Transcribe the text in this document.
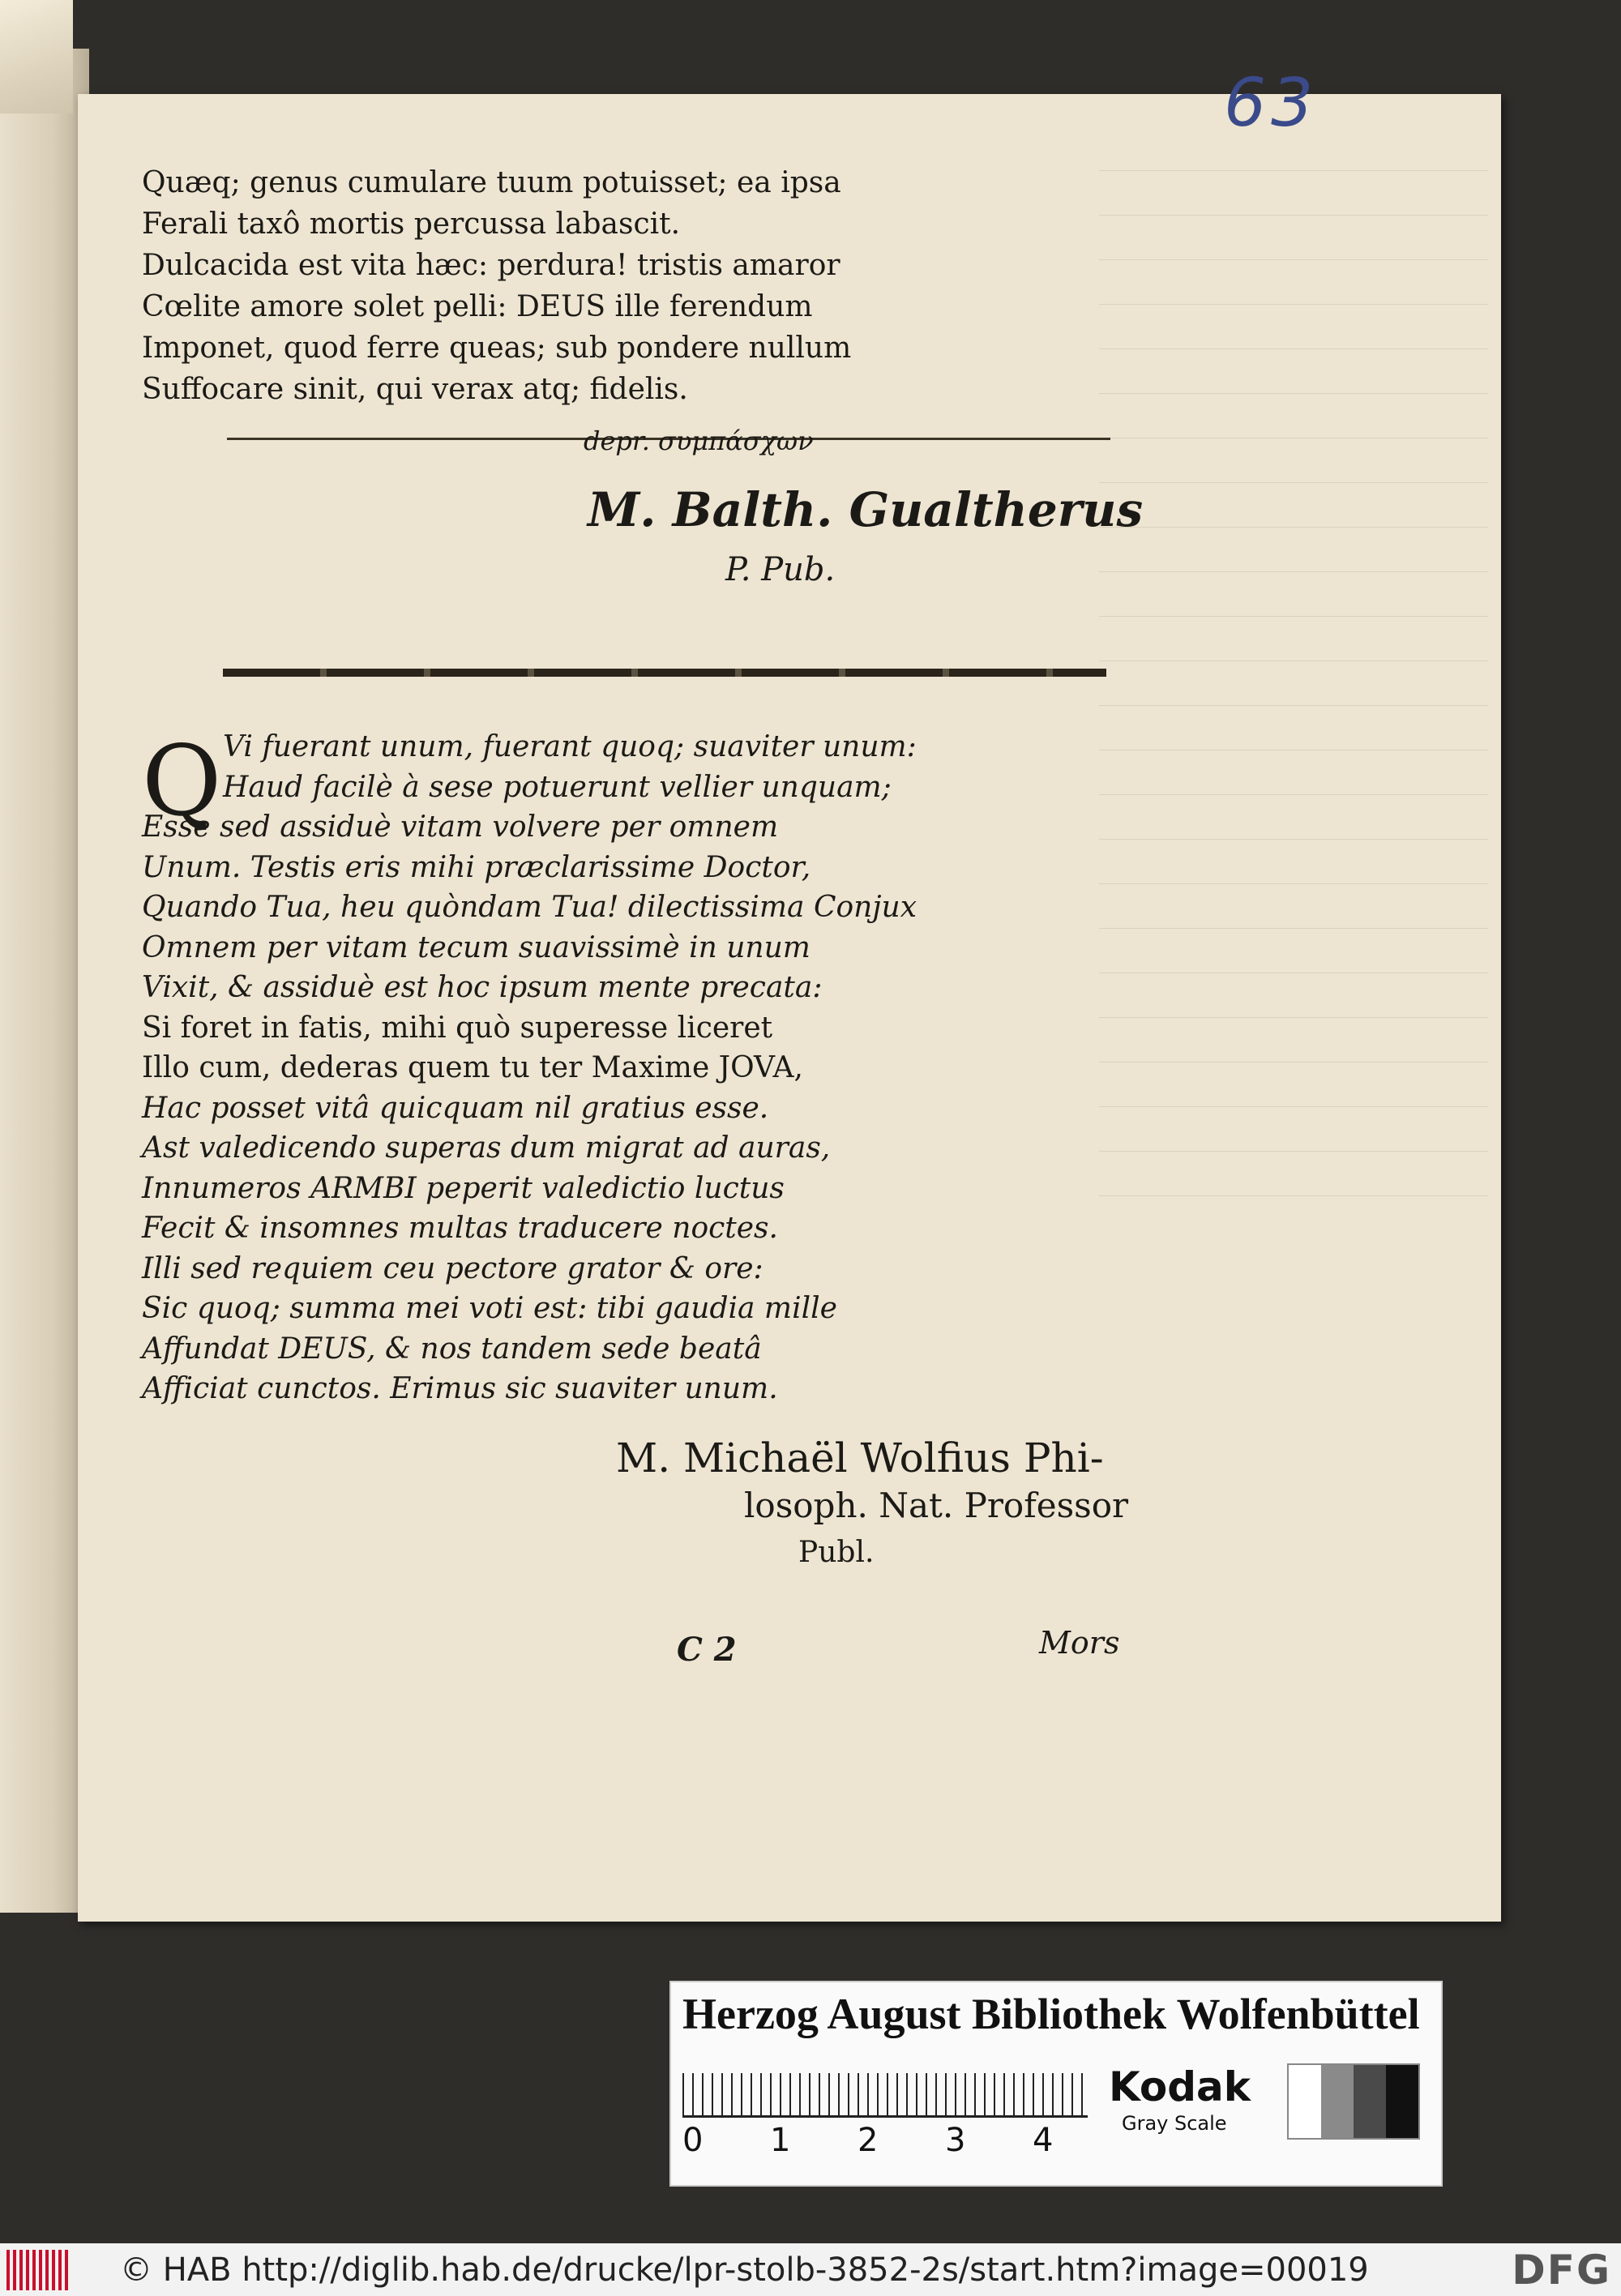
63
Quæq; genus cumulare tuum potuisset; ea ipsa
Ferali taxô mortis percussa labascit.
Dulcacida est vita hæc: perdura! tristis amaror
Cœlite amore solet pelli: DEUS ille ferendum
Imponet, quod ferre queas; sub pondere nullum
Suffocare sinit, qui verax atq; fidelis.
depr. συμπάσχων
M. Balth. Gualtherus
P. Pub.
Q Vi fuerant unum, fuerant quoq; suaviter unum:
Haud facilè à sese potuerunt vellier unquam;
Esse sed assiduè vitam volvere per omnem
Unum. Testis eris mihi præclarissime Doctor,
Quando Tua, heu quòndam Tua! dilectissima Conjux
Omnem per vitam tecum suavissimè in unum
Vixit, & assiduè est hoc ipsum mente precata:
Si foret in fatis, mihi quò superesse liceret
Illo cum, dederas quem tu ter Maxime JOVA,
Hac posset vitâ quicquam nil gratius esse.
Ast valedicendo superas dum migrat ad auras,
Innumeros ARMBI peperit valedictio luctus
Fecit & insomnes multas traducere noctes.
Illi sed requiem ceu pectore grator & ore:
Sic quoq; summa mei voti est: tibi gaudia mille
Affundat DEUS, & nos tandem sede beatâ
Afficiat cunctos. Erimus sic suaviter unum.
M. Michaël Wolfius Phi-
losoph. Nat. Professor
Publ.
C 2	Mors
Herzog August Bibliothek Wolfenbüttel
0	1	2	3	4
Kodak
Gray Scale
© HAB http://diglib.hab.de/drucke/lpr-stolb-3852-2s/start.htm?image=00019	DFG
